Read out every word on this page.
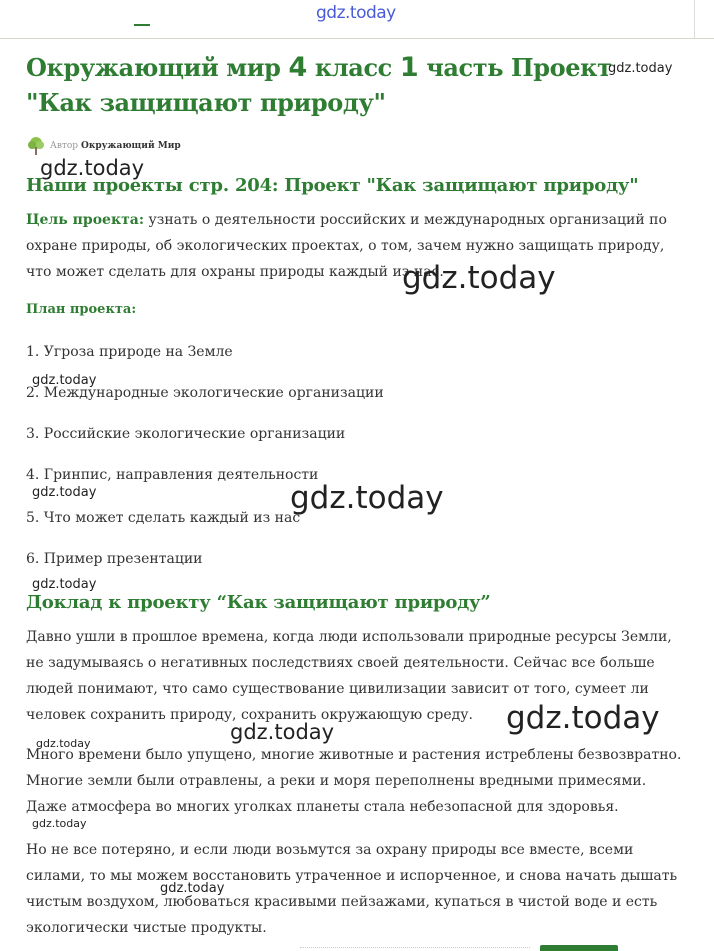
gdz.today
Окружающий мир 4 класс 1 часть Проект "Как защищают природу"
Автор Окружающий Мир
Наши проекты стр. 204: Проект "Как защищают природу"

Цель проекта: узнать о деятельности российских и международных организаций по охране природы, об экологических проектах, о том, зачем нужно защищать природу, что может сделать для охраны природы каждый из нас.

План проекта:
1. Угроза природе на Земле
2. Международные экологические организации
3. Российские экологические организации
4. Гринпис, направления деятельности
5. Что может сделать каждый из нас
6. Пример презентации
Доклад к проекту “Как защищают природу”

Давно ушли в прошлое времена, когда люди использовали природные ресурсы Земли, не задумываясь о негативных последствиях своей деятельности. Сейчас все больше людей понимают, что само существование цивилизации зависит от того, сумеет ли человек сохранить природу, сохранить окружающую среду.

Много времени было упущено, многие животные и растения истреблены безвозвратно. Многие земли были отравлены, а реки и моря переполнены вредными примесями. Даже атмосфера во многих уголках планеты стала небезопасной для здоровья.

Но не все потеряно, и если люди возьмутся за охрану природы все вместе, всеми силами, то мы можем восстановить утраченное и испорченное, и снова начать дышать чистым воздухом, любоваться красивыми пейзажами, купаться в чистой воде и есть экологически чистые продукты.

gdz.today
gdz.today
gdz.today
gdz.today
gdz.today	gdz.today
gdz.today
gdz.today
gdz.today
gdz.today
gdz.today
gdz.today
